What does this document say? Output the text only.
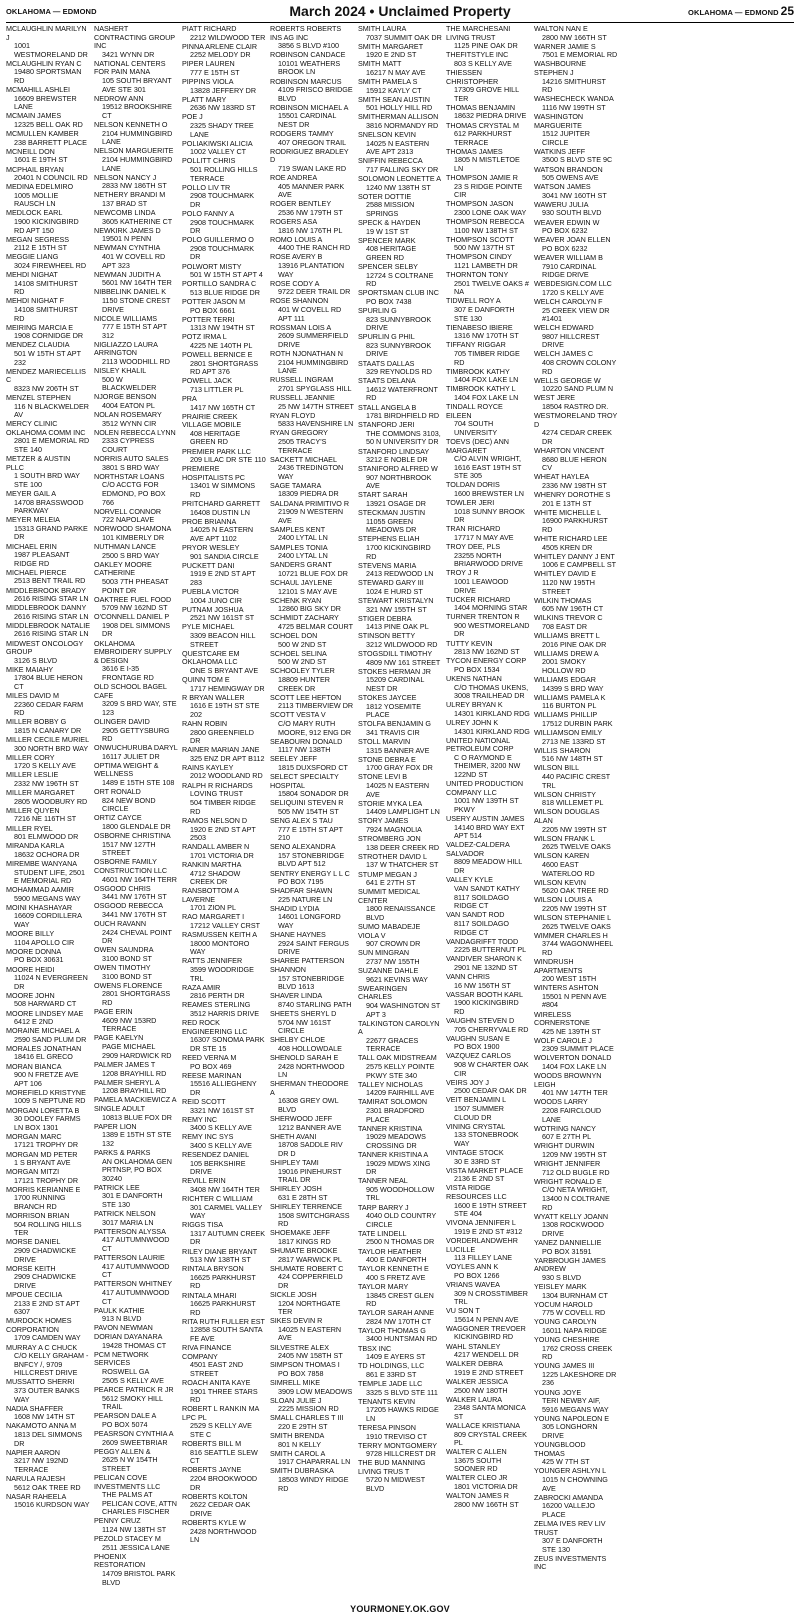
OKLAHOMA — EDMOND	March 2024 • Unclaimed Property	OKLAHOMA — EDMOND 25
MCLAUGHLIN MARILYN J
1001 WESTMORELAND DR
MCLAUGHLIN RYAN C
19480 SPORTSMAN RD
MCMAHILL ASHLEI
16609 BREWSTER LANE
MCMAIN JAMES
12325 BELL OAK RD
MCMULLEN KAMBER
238 BARRETT PLACE
MCNEILL DON
1601 E 19TH ST
MCPHAIL BRYAN
20401 N COUNCIL RD
MEDINA EDELMIRO
1005 MOLLIE RAUSCH LN
MEDLOCK EARL
1900 KICKINGBIRD RD APT 150
MEGAN SEGRESS
2112 E 15TH ST
MEGGIE LIANG
3024 FIREWHEEL RD
MEHDI NIGHAT
14108 SMITHURST RD
MEHDI NIGHAT F
14108 SMITHURST RD
MEIRING MARCIA E
1908 CORNIDGE DR
MENDEZ CLAUDIA
501 W 15TH ST APT 232
MENDEZ MARIECELLIS C
8323 NW 206TH ST
MENZEL STEPHEN
116 N BLACKWELDER AV
MERCY CLINIC OKLAHOMA COMM INC
2801 E MEMORIAL RD STE 140
METZER & AUSTIN PLLC
1 SOUTH BRD WAY STE 100
MEYER GAIL A
14708 BRASSWOOD PARKWAY
MEYER MELEIA
15313 GRAND PARKE DR
MICHAEL ERIN
1987 PLEASANT RIDGE RD
MICHAEL PIERCE
2513 BENT TRAIL RD
MIDDLEBROOK BRADY
2616 RISING STAR LN
MIDDLEBROOK DANNY
2616 RISING STAR LN
MIDDLEBROOK NATALIE
2616 RISING STAR LN
MIDWEST ONCOLOGY GROUP
3126 S BLVD
MIKE MAIAHY
17804 BLUE HERON CT
MILES DAVID M
22360 CEDAR FARM RD
MILLER BOBBY G
1815 N CANARY DR
MILLER CECILE MURIEL
300 NORTH BRD WAY
MILLER CORY
1720 S KELLY AVE
MILLER LESLIE
2332 NW 196TH ST
MILLER MARGARET
2805 WOODBURY RD
MILLER QUYEN
7216 NE 116TH ST
MILLER RYEL
801 ELMWOOD DR
MIRANDA KARLA
18632 OCHORA DR
MIREMBE WANYANA
STUDENT LIFE, 2501 E MEMORIAL RD
MOHAMMAD AAMIR
5900 MEGANS WAY
MOINI KHASHAYAR
16609 CORDILLERA WAY
MOORE BILLY
1104 APOLLO CIR
MOORE DONNA
PO BOX 30631
MOORE HEIDI
11024 N EVERGREEN DR
MOORE JOHN
508 HARWARD CT
MOORE LINDSEY MAE
6412 E 2ND
MORAINE MICHAEL A
2590 SAND PLUM DR
MORALES JONATHAN
18416 EL GRECO
MORAN BIANCA
900 N FRETZE AVE APT 106
MOREFIELD KRISTYNE
1009 S NEPTUNE RD
MORGAN LORETTA B
30 DOOLEY FARMS LN BOX 1301
MORGAN MARC
17121 TROPHY DR
MORGAN MD PETER
1 S BRYANT AVE
MORGAN MITZI
17121 TROPHY DR
MORRIS KERIANNE E
1700 RUNNING BRANCH RD
MORRISON BRIAN
504 ROLLING HILLS TER
MORSE DANIEL
2909 CHADWICKE DRIVE
MORSE KEITH
2909 CHADWICKE DRIVE
MPOUE CECILIA
2133 E 2ND ST APT 6307
MURDOCK HOMES CORPORATION
1709 CAMDEN WAY
MURRAY A C CHUCK
C/O KELLY GRAHAM - BNFCY /, 9709 HILLCREST DRIVE
MUSSATTO SHERRI
373 OUTER BANKS WAY
NADIA SHAFFER
1608 NW 14TH ST
NAKAMOTO ANNA M
1813 DEL SIMMONS DR
NAPIER AARON
3217 NW 192ND TERRACE
NARULA RAJESH
5612 OAK TREE RD
NASAR RAHEELA
15016 KURDSON WAY
NASHERT CONTRACTING GROUP INC
3421 WYNN DR
NATIONAL CENTERS FOR PAIN MANA
105 SOUTH BRYANT AVE STE 301
NEDROW ANN
19512 BROOKSHIRE CT
NELSON KENNETH O
2104 HUMMINGBIRD LANE
NELSON MARGUERITE
2104 HUMMINGBIRD LANE
NELSON NANCY J
2833 NW 186TH ST
NETHERY BRANDI M
137 BRAD ST
NEWCOMB LINDA
3605 KATHERINE CT
NEWKIRK JAMES D
19501 N PENN
NEWMAN CYNTHIA
401 W COVELL RD APT 323
NEWMAN JUDITH A
5601 NW 164TH TER
NIBBELINK DANIEL K
1150 STONE CREST DRIVE
NICOLE WILLIAMS
777 E 15TH ST APT 312
NIGLIAZZO LAURA ARRINGTON
2113 WOODHILL RD
NISLEY KHALIL
500 W BLACKWELDER
NJORGE BENSON
4004 EATON PL
NOLAN ROSEMARY
3512 WYNN CIR
NOLEN REBECCA LYNN
2333 CYPRESS COURT
NORRIS AUTO SALES
3801 S BRD WAY
NORTHSTAR LOANS
C/O ACCTG FOR EDMOND, PO BOX 766
NORVELL CONNOR
722 NAPOLAVE
NORWOOD SHAMONA
101 KIMBERLY DR
NUTHMAN LANCE
2500 S BRD WAY
OAKLEY MOORE CATHERINE
5003 7TH PHEASAT POINT DR
OAKTREE FUEL FOOD
5709 NW 162ND ST
O'CONNELL DANIEL P
1908 DEL SIMMONS DR
OKLAHOMA EMBROIDERY SUPPLY & DESIGN
3616 E I-35 FRONTAGE RD
OLD SCHOOL BAGEL CAFE
3209 S BRD WAY, STE 123
OLINGER DAVID
2905 GETTYSBURG RD
ONWUCHURUBA DARYL
16117 JULIET DR
OPTIMA WEIGHT & WELLNESS
1489 E 15TH STE 108
ORT RONALD
824 NEW BOND CIRCLE
ORTIZ CAYCE
1800 GLENDALE DR
OSBORNE CHRISTINA
1517 NW 127TH STREET
OSBORNE FAMILY CONSTRUCTION LLC
4601 NW 164TH TERR
OSGOOD CHRIS
3441 NW 176TH ST
OSGOOD REBECCA
3441 NW 176TH ST
OUCH RAVANN
2424 CHEVAL POINT DR
OWEN SAUNDRA
3100 BOND ST
OWEN TIMOTHY
3100 BOND ST
OWENS FLORENCE
2801 SHORTGRASS RD
PAGE ERIN
4609 NW 153RD TERRACE
PAGE KAELYN
PAGE MICHAEL
2909 HARDWICK RD
PALMER JAMES T
1208 BRAYHILL RD
PALMER SHERYL A
1208 BRAYHILL RD
PAMELA MACKIEWICZ A SINGLE ADULT
10813 BLUE FOX DR
PAPER LION
1389 E 15TH ST STE 132
PARKS & PARKS
AN OKLAHOMA GEN PRTNSP, PO BOX 30240
PATRICK LEE
301 E DANFORTH STE 130
PATRICK NELSON
3017 MARIA LN
PATTERSON ALYSSA
417 AUTUMNWOOD CT
PATTERSON LAURIE
417 AUTUMNWOOD CT
PATTERSON WHITNEY
417 AUTUMNWOOD CT
PAULK KATHIE
913 N BLVD
PAVON NEWMAN DORIAN DAYANARA
19428 THOMAS CT
PCM NETWORK SERVICES
ROSWELL GA
2505 S KELLY AVE
PEARCE PATRICK R JR
5612 SMOKY HILL TRAIL
PEARSON DALE A
PO BOX 5074
PEASRSON CYNTHIA A
2609 SWEETBRIAR
PEGGY ALLEN &
2625 N W 154TH STREET
PELICAN COVE INVESTMENTS LLC
THE PALMS AT PELICAN COVE, ATTN CHARLES FISCHER
PENNY CRUZ
1124 NW 138TH ST
PEZOLD STACEY M
2511 JESSICA LANE
PHOENIX RESTORATION
14709 BRISTOL PARK BLVD
PIATT RICHARD
2212 WILDWOOD TER
PINNA ARLENE CLAIR
2252 MELODY DR
PIPER LAUREN
777 E 15TH ST
PIPPINS VIOLA
13828 JEFFERY DR
PLATT MARY
2636 NW 183RD ST
POE J
2325 SHADY TREE LANE
POLIAKIWSKI ALICIA
1002 VALLEY CT
POLLITT CHRIS
501 ROLLING HILLS TERRACE
POLLO LIV TR
2908 TOUCHMARK DR
POLO FANNY A
2908 TOUCHMARK DR
POLO GUILLERMO O
2908 TOUCHMARK DR
POLWORT MISTY
501 W 15TH ST APT 4
PORTILLO SANDRA C
513 BLUE RIDGE DR
POTTER JASON M
PO BOX 6661
POTTER TERRI
1313 NW 194TH ST
POTZ IRMA L
4225 NE 140TH PL
POWELL BERNICE E
2801 SHORTGRASS RD APT 376
POWELL JACK
713 LITTLER PL
PRA
1417 NW 165TH CT
PRAIRIE CREEK VILLAGE MOBILE
408 HERITAGE GREEN RD
PREMIER PARK LLC
209 LILAC DR STE 110
PREMIERE HOSPITALISTS PC
13401 W SIMMONS RD
PRITCHARD GARRETT
16408 DUSTIN LN
PROE BRIANNA
14025 N EASTERN AVE APT 1102
PRYOR WESLEY
901 SANDIA CIRCLE
PUCKETT DANI
1919 E 2ND ST APT 283
PUEBLA VICTOR
1004 JUNO CIR
PUTNAM JOSHUA
2521 NW 161ST ST
PYLE MICHAEL
3309 BEACON HILL STREET
QUESTCARE EM OKLAHOMA LLC
ONE S BRYANT AVE
QUINN TOM E
1717 HEMINGWAY DR
R BRYAN WALLER
1616 E 19TH ST STE 202
RAHN ROBIN
2800 GREENFIELD DR
RAINER MARIAN JANE
325 ENZ DR APT B112
RAINS KAYLEY
2012 WOODLAND RD
RALPH R RICHARDS
LOVING TRUST
504 TIMBER RIDGE RD
RAMOS NELSON D
1920 E 2ND ST APT 2503
RANDALL AMBER N
1701 VICTORIA DR
RANKIN MARTHA
4712 SHADOW CREEK DR
RANSBOTTOM A LAVERNE
1701 ZION PL
RAO MARGARET I
17212 VALLEY CRST
RASMUSSEN KEITH A
18000 MONTORO WAY
RATTS JENNIFER
3599 WOODRIDGE TRL
RAZA AMIR
2816 PERTH DR
REAMES STERLING
3512 HARRIS DRIVE
RED ROCK ENGINEERING LLC
16307 SONOMA PARK DR STE 15
REED VERNA M
PO BOX 469
REESE MARINAN
15516 ALLIEGHENY DR
REID SCOTT
3321 NW 161ST ST
REMY INC
3400 S KELLY AVE
REMY INC SYS
3400 S KELLY AVE
RESENDEZ DANIEL
105 BERKSHIRE DRIVE
REVILL ERIN
3408 NW 164TH TER
RICHTER C WILLIAM
301 CARMEL VALLEY WAY
RIGGS TISA
1317 AUTUMN CREEK DR
RILEY DIANE BRYANT
513 NW 138TH ST
RINTALA BRYSON
16625 PARKHURST RD
RINTALA MHARI
16625 PARKHURST RD
RITA RUTH FULLER EST
12858 SOUTH SANTA FE AVE
RIVA FINANCE COMPANY
4501 EAST 2ND STREET
ROACH ANITA KAYE
1901 THREE STARS RD
ROBERT L RANKIN MA LPC PL
2529 S KELLY AVE STE C
ROBERTS BILL M
816 SEATTLE SLEW CT
ROBERTS JAYNE
2204 BROOKWOOD DR
ROBERTS KOLTON
2622 CEDAR OAK DRIVE
ROBERTS KYLE W
2428 NORTHWOOD LN
ROBERTS ROBERTS INS AG INC
3856 S BLVD #100
ROBINSON CANDACE
10101 WEATHERS BROOK LN
ROBINSON MARCUS
4109 FRISCO BRIDGE BLVD
ROBINSON MICHAEL A
15501 CARDINAL NEST DR
RODGERS TAMMY
407 OREGON TRAIL
RODRIGUEZ BRADLEY D
719 SWAN LAKE RD
ROE ANDREA
405 MANNER PARK AVE
ROGER BENTLEY
2536 NW 179TH ST
ROGERS ASA
1816 NW 176TH PL
ROMO LOUIS A
4400 THE RANCH RD
ROSE AVERY B
13916 PLANTATION WAY
ROSE CODY A
9722 DEER TRAIL DR
ROSE SHANNON
401 W COVELL RD APT 111
ROSSMAN LOIS A
2609 SUMMERFIELD DRIVE
ROTH NJONATHAN N
2104 HUMMINGBIRD LANE
RUSSELL INGRAM
2701 SPYGLASS HILL
RUSSELL JEANNIE
25 NW 147TH STREET
RYAN FLOYD
5833 HAVENSHIRE LN
RYAN GREGORY
2505 TRACY'S TERRACE
SACKETT MICHAEL
2436 TREDINGTON WAY
SAGE TAMARA
18309 PIEDRA DR
SALDANA PRIMITIVO R
21909 N WESTERN AVE
SAMPLES KENT
2400 LYTAL LN
SAMPLES TONIA
2400 LYTAL LN
SANDERS GRANT
10721 BLUE FOX DR
SCHAUL JAYLENE
12101 S MAY AVE
SCHENK RYAN
12860 BIG SKY DR
SCHMIDT ZACHARY
4725 BELMAR COURT
SCHOEL DON
500 W 2ND ST
SCHOEL SELINA
500 W 2ND ST
SCHOOLEY TYLER
18809 HUNTER CREEK DR
SCOTT LEE HEFTON
2113 TIMBERVIEW DR
SCOTT VESTA V
C/O MARY RUTH MOORE, 912 ENG DR
SEABOURN DONALD
1117 NW 138TH
SEELEY JEFF
1815 DUXSFORD CT
SELECT SPECIALTY HOSPITAL
15804 SONADOR DR
SELIQUINI STEVEN R
505 NW 154TH ST
SENG ALEX S TAU
777 E 15TH ST APT 210
SENO ALEXANDRA
157 STONEBRIDGE BLVD APT 512
SENTRY ENERGY L L C
PO BOX 7195
SHADFAR SHAWN
225 NATURE LN
SHADID LYDIA
14601 LONGFORD WAY
SHANE HAYNES
2924 SAINT FERGUS DRIVE
SHAREE PATTERSON SHANNON
157 STONEBRIDGE BLVD 1613
SHAVER LINDA
8740 STARLING PATH
SHEETS SHERYL D
5704 NW 161ST CIRCLE
SHELBY CHLOE
408 HOLLOWDALE
SHENOLD SARAH E
2428 NORTHWOOD LN
SHERMAN THEODORE A
16308 GREY OWL BLVD
SHERWOOD JEFF
1212 BANNER AVE
SHETH AVANI
18708 SADDLE RIV DR D
SHIPLEY TAMI
19016 PINEHURST TRAIL DR
SHIRLEY JOSH
631 E 28TH ST
SHIRLEY TERRENCE
1508 SWITCHGRASS RD
SHOEMAKE JEFF
1817 KINGS RD
SHUMATE BROOKE
2817 WARWICK PL
SHUMATE ROBERT C
424 COPPERFIELD DR
SICKLE JOSH
1204 NORTHGATE TER
SIKES DEVIN R
14025 N EASTERN AVE
SILVESTRE ALEX
2405 NW 158TH ST
SIMPSON THOMAS I
PO BOX 7858
SIMRELL MIKE
3909 LOW MEADOWS
SLOAN JULIE J
2225 MISSION RD
SMALL CHARLES T III
220 E 29TH ST
SMITH BRENDA
801 N KELLY
SMITH CAROL A
1917 CHAPARRAL LN
SMITH DUBRASKA
18503 WINDY RIDGE RD
SMITH LAURA
7037 SUMMIT OAK DR
SMITH MARGARET
1920 E 2ND ST
SMITH MATT
16217 N MAY AVE
SMITH PAMELA S
15912 KAYLY CT
SMITH SEAN AUSTIN
501 HOLLY HILL RD
SMITHERMAN ALLISON
3816 NORMANDY RD
SNELSON KEVIN
14025 N EASTERN AVE APT 2313
SNIFFIN REBECCA
717 FALLING SKY DR
SOLOMON LEONETTE A
1240 NW 138TH ST
SOTER DOTTIE
2588 MISSION SPRINGS
SPECK & HAYDEN
19 W 1ST ST
SPENCER MARK
408 HERITAGE GREEN RD
SPENCER SELBY
12724 S COLTRANE RD
SPORTSMAN CLUB INC
PO BOX 7438
SPURLIN G
823 SUNNYBROOK DRIVE
SPURLIN G PHIL
823 SUNNYBROOK DRIVE
STAATS DALLAS
329 REYNOLDS RD
STAATS DELANA
14612 WATERFRONT RD
STALL ANGELA B
1781 BIRDHFIELD RD
STANFORD JERI
THE COMMONS 3103, 50 N UNIVERSITY DR
STANFORD LINDSAY
3212 E NOBLE DR
STANIFORD ALFRED W
907 NORTHBROOK AVE
START SARAH
13921 OSAGE DR
STECKMAN JUSTIN
11055 GREEN MEADOWS DR
STEPHENS ELIAH
1700 KICKINGBIRD RD
STEVENS MARIA
2413 REDWOOD LN
STEWARD GARY III
1024 E HURD ST
STEWART KRISTALYN
321 NW 155TH ST
STIGER DEBRA
1413 PINE OAK PL
STINSON BETTY
3212 WILDWOOD RD
STOGSDILL TIMOTHY
4809 NW 161 STREET
STOKES HERMAN JR
15209 CARDINAL NEST DR
STOKES JAYCEE
1812 YOSEMITE PLACE
STOLFA BENJAMIN G
341 TRAVIS CIR
STOLL MARVIN
1315 BANNER AVE
STONE DEBRA E
1700 GRAY FOX DR
STONE LEVI B
14025 N EASTERN AVE
STORIE MYKA LEA
14409 LAMPLIGHT LN
STORY JAMES
7924 MAGNOLIA
STROMBERG JON
138 DEER CREEK RD
STROTHER DAVID L
137 W THATCHER ST
STUMP MEGAN J
641 E 27TH ST
SUMMIT MEDICAL CENTER
1800 RENAISSANCE BLVD
SUMO MABADEJE VIOLA V
907 CROWN DR
SUN MINGRAN
2737 NW 155TH
SUZANNE DAHLE
9621 KEVINS WAY
SWEARINGEN CHARLES
904 WASHINGTON ST APT 3
TALKINGTON CAROLYN A
22677 GRACES TERRACE
TALL OAK MIDSTREAM
2575 KELLY POINTE PKWY STE 340
TALLEY NICHOLAS
14209 FAIRHILL AVE
TAMIRAT SOLOMON
2301 BRADFORD PLACE
TANNER KRISTINA
19029 MEADOWS CROSSING DR
TANNER KRISTINA A
19029 MDWS XING DR
TANNER NEAL
905 WOODHOLLOW TRL
TARP BARRY J
4040 OLD COUNTRY CIRCLE
TATE LINDELL
2500 N THOMAS DR
TAYLOR HEATHER
400 E DANFORTH
TAYLOR KENNETH E
400 S FRETZ AVE
TAYLOR MARY
13845 CREST GLEN RD
TAYLOR SARAH ANNE
2824 NW 170TH CT
TAYLOR THOMAS G
3400 HUNTSMAN RD
TBSX INC
1409 E AYERS ST
TD HOLDINGS, LLC
861 E 33RD ST
TEMPLE JADE LLC
3325 S BLVD STE 111
TENANTS KEVIN
17205 HAWKS RIDGE LN
TERESA PINSON
1910 TREVISO CT
TERRY MONTGOMERY
9728 HILLCREST DR
THE BUD MANNING LIVING TRUS T
5720 N MIDWEST BLVD
THE MARCHESANI LIVING TRUST
1125 PINE OAK DR
THEFITSTYLE INC
803 S KELLY AVE
THIESSEN CHRISTOPHER
17309 GROVE HILL TER
THOMAS BENJAMIN
18632 PIEDRA DRIVE
THOMAS CRYSTAL M
612 PARKHURST TERRACE
THOMAS JAMES
1805 N MISTLETOE LN
THOMPSON JAMIE R
23 S RIDGE POINTE CIR
THOMPSON JASON
2300 LONE OAK WAY
THOMPSON REBECCA
1100 NW 138TH ST
THOMPSON SCOTT
500 NW 137TH ST
THOMPSON CINDY
1121 LAMBETH DR
THORNTON TONY
2501 TWELVE OAKS # NA
TIDWELL ROY A
307 E DANFORTH STE 130
TIENABESO IBIERE
1316 NW 170TH ST
TIFFANY RIGGAR
705 TIMBER RIDGE RD
TIMBROOK KATHY
1404 FOX LAKE LN
TIMBROOK KATHY L
1404 FOX LAKE LN
TINDALL ROYCE EILEEN
704 SOUTH UNIVERSITY
TOEVS (DEC) ANN MARGARET
C/O ALVIN WRIGHT, 1616 EAST 19TH ST STE 305
TOLDAN DORIS
1600 BREWSTER LN
TOWLER JERI
1018 SUNNY BROOK DR
TRAN RICHARD
17717 N MAY AVE
TROY DEE, PLS
23255 NORTH BRIARWOOD DRIVE
TROY J R
1001 LEAWOOD DRIVE
TUCKER RICHARD
1404 MORNING STAR
TURNER TRENTON R
900 WESTMORELAND DR
TUTTY KEVIN
2813 NW 162ND ST
TYCON ENERGY CORP
PO BOX 1534
UKENS NATHAN
C/O THOMAS UKENS, 3008 TRAILHEAD DR
ULREY BRYAN K
14301 KIRKLAND RDG
ULREY JOHN K
14301 KIRKLAND RDG
UNITED NATIONAL PETROLEUM CORP
C O RAYMOND E THEIMER, 3200 NW 122ND ST
UNITED PRODUCTION COMPANY LLC
1001 NW 139TH ST PKWY
USERY AUSTIN JAMES
14140 BRD WAY EXT APT 514
VALDEZ-CALDERA SALVADOR
8809 MEADOW HILL DR
VALLEY KYLE
VAN SANDT KATHY
8117 SOILDAGO RIDGE CT
VAN SANDT ROD
8117 SOILDAGO RIDGE CT
VANDAGRIFFT TODD
2225 BUTTERNUT PL
VANDIVER SHARON K
2901 NE 132ND ST
VANN CHRIS
16 NW 156TH ST
VASSAR BOOTH KARL
1900 KICKINGBIRD RD
VAUGHN STEVEN D
705 CHERRYVALE RD
VAUGHN SUSAN E
PO BOX 1900
VAZQUEZ CARLOS
908 W CHARTER OAK CIR
VEIRS JOY J
2500 CEDAR OAK DR
VEIT BENJAMIN L
1507 SUMMER CLOUD DR
VINING CRYSTAL
133 STONEBROOK WAY
VINTAGE STOCK
30 E 33RD ST
VISTA MARKET PLACE
2136 E 2ND ST
VISTA RIDGE RESOURCES LLC
1600 E 19TH STREET STE 404
VIVONA JENNIFER L
1919 E 2ND ST #312
VORDERLANDWEHR LUCILLE
113 FILLEY LANE
VOYLES ANN K
PO BOX 1266
VRIANS WAVEA
309 N CROSSTIMBER TRL
VU SON T
15614 N PENN AVE
WAGGONER TREVOER
KICKINGBIRD RD
WAHL STANLEY
4217 WENDELL DR
WALKER DEBRA
1919 E 2ND STREET
WALKER JESSICA
2500 NW 180TH
WALKER LAURA
2348 SANTA MONICA ST
WALLACE KRISTIANA
809 CRYSTAL CREEK PL
WALTER C ALLEN
13675 SOUTH SOONER RD
WALTER CLEO JR
1801 VICTORIA DR
WALTON JAMES R
2800 NW 166TH ST
WALTON NAN E
2800 NW 166TH ST
WARNER JAMIE S
7501 E MEMORIAL RD
WASHBOURNE STEPHEN J
14216 SMITHURST RD
WASHECHECK WANDA
1116 NW 199TH ST
WASHINGTON MARGUERITE
1512 JUPITER CIRCLE
WATKINS JEFF
3500 S BLVD STE 9C
WATSON BRANDON
505 OWENS AVE
WATSON JAMES
3041 NW 160TH ST
WAWERU JULIA
930 SOUTH BLVD
WEAVER EDWIN W
PO BOX 6232
WEAVER JOAN ELLEN
PO BOX 6232
WEAVER WILLIAM B
7910 CARDINAL RIDGE DRIVE
WEBDESIGN.COM LLC
1720 S KELLY AVE
WELCH CAROLYN F
25 CREEK VIEW DR #1401
WELCH EDWARD
9807 HILLCREST DRIVE
WELCH JAMES C
408 CROWN COLONY RD
WELLS GEORGE W
10220 SAND PLUM N
WEST JERE
18504 RASTRO DR.
WESTMORELAND TROY D
4274 CEDAR CREEK DR
WHARTON VINCENT
8680 BLUE HERON CV
WHEAT HAYLEA
2336 NW 198TH ST
WHENRY DOROTHE S
201 E 13TH ST
WHITE MICHELLE L
16900 PARKHURST RD
WHITE RICHARD LEE
4505 KREN DR
WHITLEY DANNY J ENT
1006 E CAMPBELL ST
WHITLEY DAVID E
1120 NW 195TH STREET
WILKIN THOMAS
605 NW 196TH CT
WILKINS TREVOR C
708 EAST DR
WILLIAMS BRETT L
2016 PINE OAK DR
WILLIAMS DREW A
2001 SMOKY HOLLOW RD
WILLIAMS EDGAR
14399 S BRD WAY
WILLIAMS PAMELA K
116 BURTON PL
WILLIAMS PHILLIP
17512 DURBIN PARK
WILLIAMSON EMILY
2713 NE 133RD ST
WILLIS SHARON
516 NW 148TH ST
WILSON BILL
440 PACIFIC CREST TRL
WILSON CHRISTY
818 WILLEMET PL
WILSON DOUGLAS ALAN
2205 NW 199TH ST
WILSON FRANK L
2625 TWELVE OAKS
WILSON KAREN
4600 EAST WATERLOO RD
WILSON KEVIN
5620 OAK TREE RD
WILSON LOUIS A
2205 NW 199TH ST
WILSON STEPHANIE L
2625 TWELVE OAKS
WIMMER CHARLES H
3744 WAGONWHEEL RD
WINDRUSH APARTMENTS
200 WEST 15TH
WINTERS ASHTON
15501 N PENN AVE #804
WIRELESS CORNERSTONE
425 NE 139TH ST
WOLF CAROLE J
2309 SUMMIT PLACE
WOLVERTON DONALD
1404 FOX LAKE LN
WOODS BROWNYN LEIGH
401 NW 147TH TER
WOODS LARRY
2208 FAIRCLOUD LANE
WOTRING NANCY
607 E 27TH PL
WRIGHT DURWIN
1209 NW 195TH ST
WRIGHT JENNIFER
712 OLD BUGLE RD
WRIGHT RONALD E
C/O NETA WRIGHT, 13400 N COLTRANE RD
WYATT KELLY JOANN
1308 ROCKWOOD DRIVE
YANEZ DANNIELLIE
PO BOX 31591
YARBROUGH JAMES ANDREW
930 S BLVD
YEISLEY MARK
1304 BURNHAM CT
YOCUM HAROLD
775 W COVELL RD
YOUNG CAROLYN
16011 NAPA RIDGE
YOUNG CHESHIRE
1762 CROSS CREEK RD
YOUNG JAMES III
1225 LAKESHORE DR 236
YOUNG JOYE
TERI NEWBY AIF, 5916 MEGANS WAY
YOUNG NAPOLEON E
305 LONGHORN DRIVE
YOUNGBLOOD THOMAS
425 W 7TH ST
YOUNGER ASHLYN L
1015 N CHOWNING AVE
ZABROCKI AMANDA
16200 VALLEJO PLACE
ZELMA IVES REV LIV TRUST
307 E DANFORTH STE 130
ZEUS INVESTMENTS INC
YOURMONEY.OK.GOV
